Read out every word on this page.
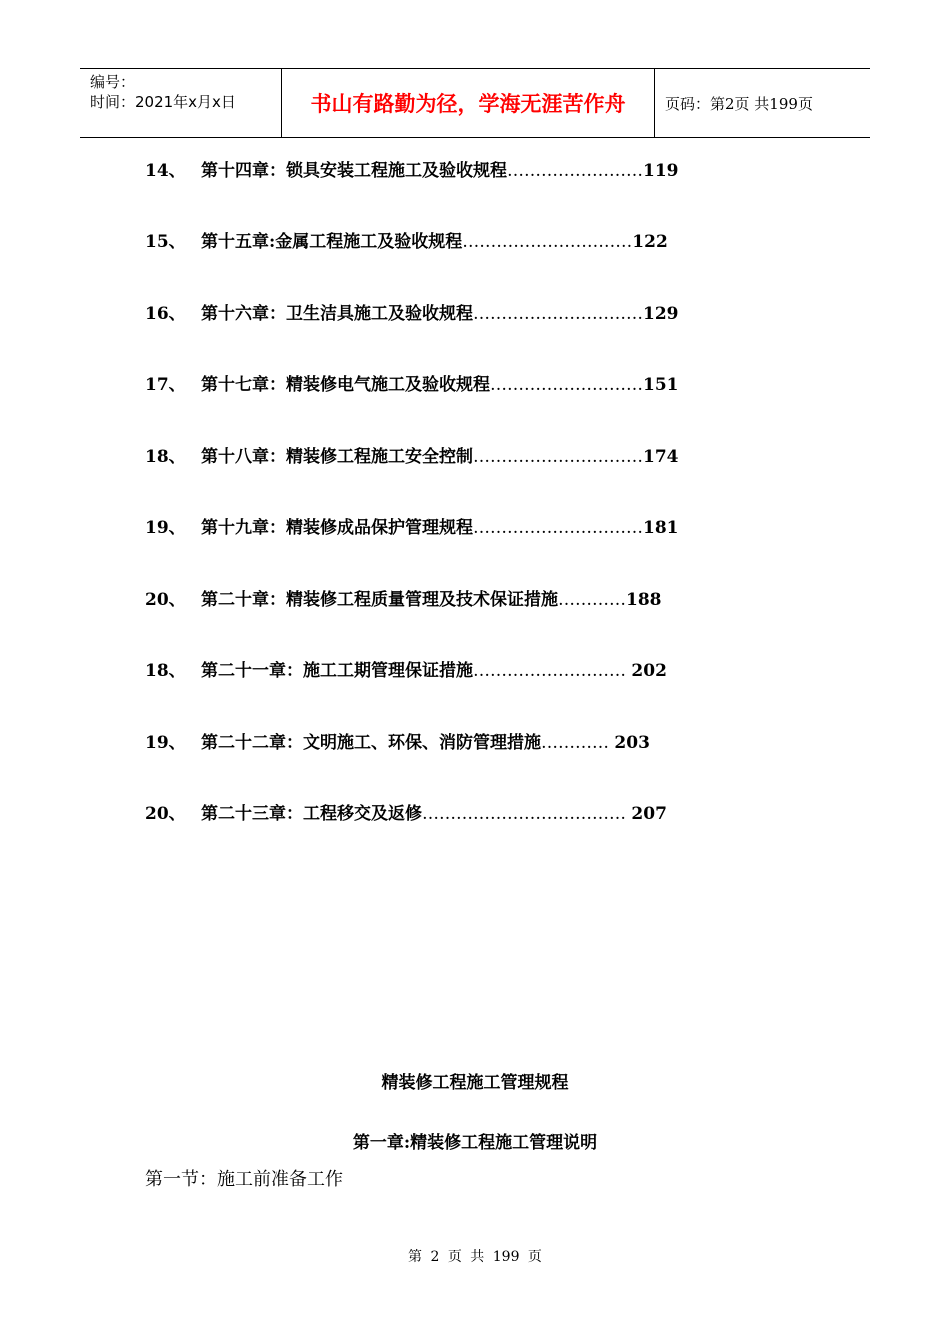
编号：
时间：2021年x月x日	书山有路勤为径，学海无涯苦作舟	页码：第2页 共199页
14、 第十四章：锁具安装工程施工及验收规程……………………119
15、 第十五章:金属工程施工及验收规程…………………………122
16、 第十六章：卫生洁具施工及验收规程…………………………129
17、 第十七章：精装修电气施工及验收规程………………………151
18、 第十八章：精装修工程施工安全控制…………………………174
19、 第十九章：精装修成品保护管理规程…………………………181
20、 第二十章：精装修工程质量管理及技术保证措施…………188
18、 第二十一章：施工工期管理保证措施……………………… 202
19、 第二十二章：文明施工、环保、消防管理措施………… 203
20、 第二十三章：工程移交及返修……………………………… 207
精装修工程施工管理规程
第一章:精装修工程施工管理说明
第一节：施工前准备工作
第 2 页 共 199 页
